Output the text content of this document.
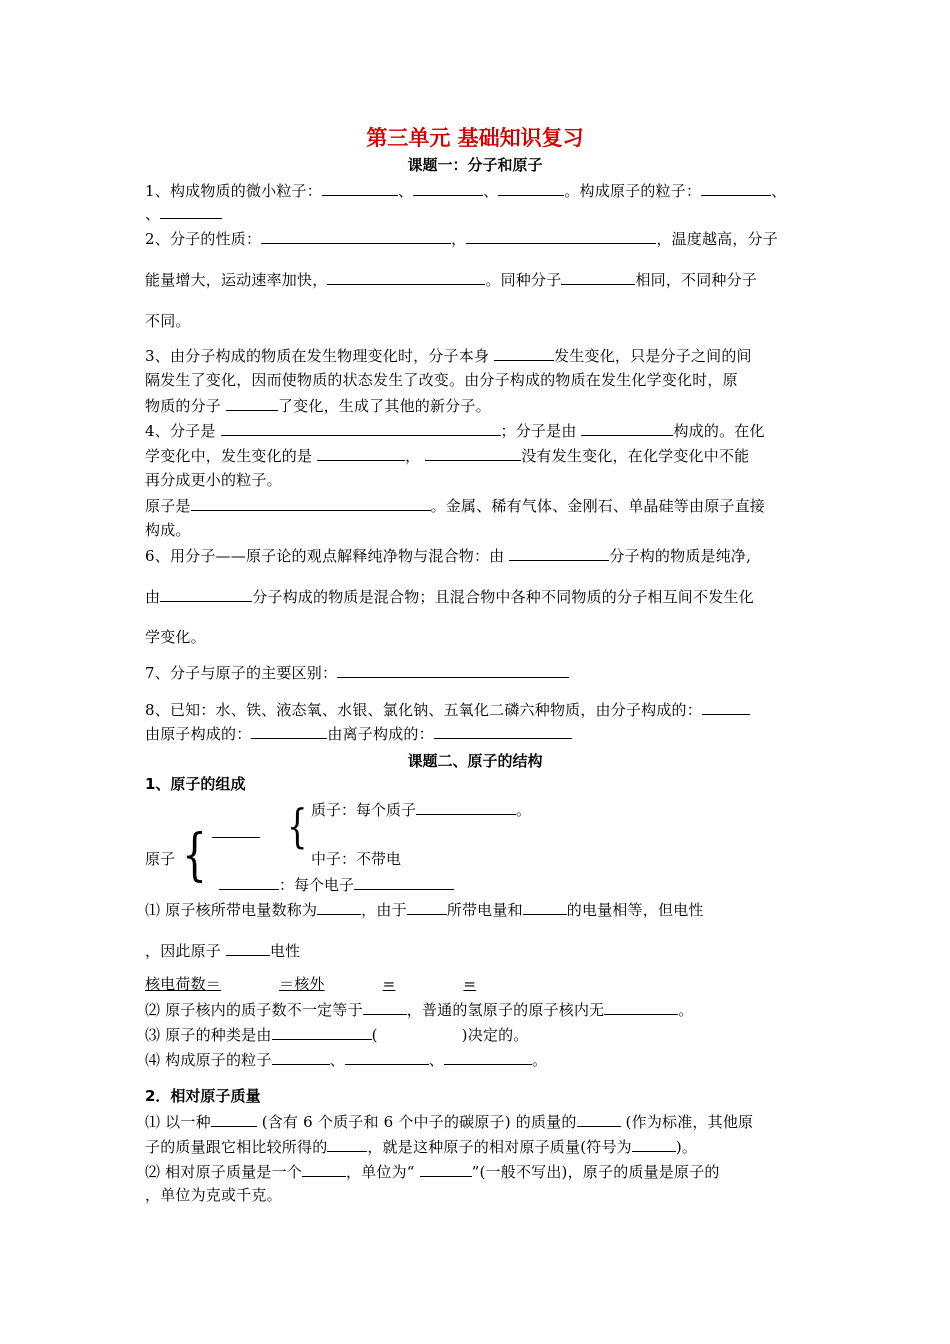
第三单元 基础知识复习
课题一：分子和原子
1、构成物质的微小粒子：	、	、	。构成原子的粒子：	、
、
2、分子的性质：	，	，温度越高，分子
能量增大，运动速率加快，	。同种分子	相同，不同种分子
不同。
3、由分子构成的物质在发生物理变化时，分子本身	发生变化，只是分子之间的间
隔发生了变化，因而使物质的状态发生了改变。由分子构成的物质在发生化学变化时，原
物质的分子	了变化，生成了其他的新分子。
4、分子是	；分子是由	构成的。在化
学变化中，发生变化的是	，	没有发生变化，在化学变化中不能
再分成更小的粒子。
原子是	。金属、稀有气体、金刚石、单晶硅等由原子直接
构成。
6、用分子——原子论的观点解释纯净物与混合物：由	分子构的物质是纯净,
由	分子构成的物质是混合物；且混合物中各种不同物质的分子相互间不发生化
学变化。
7、分子与原子的主要区别：
8、已知：水、铁、液态氧、水银、氯化钠、五氧化二磷六种物质，由分子构成的：
由原子构成的：	由离子构成的：
课题二、原子的结构
1、原子的组成
质子：每个质子	。
{
{
原子	中子：不带电
：每个电子
⑴ 原子核所带电量数称为	，由于	所带电量和	的电量相等，但电性
，因此原子	电性
核电荷数＝	＝核外	=	=
⑵ 原子核内的质子数不一定等于	，普通的氢原子的原子核内无	。
⑶ 原子的种类是由	(	)决定的。
⑷ 构成原子的粒子	、	、	。
2．相对原子质量
⑴ 以一种	(含有 6 个质子和 6 个中子的碳原子) 的质量的	(作为标准，其他原
子的质量跟它相比较所得的	，就是这种原子的相对原子质量(符号为	)。
⑵ 相对原子质量是一个	，单位为“	”(一般不写出)，原子的质量是原子的
，单位为克或千克。
